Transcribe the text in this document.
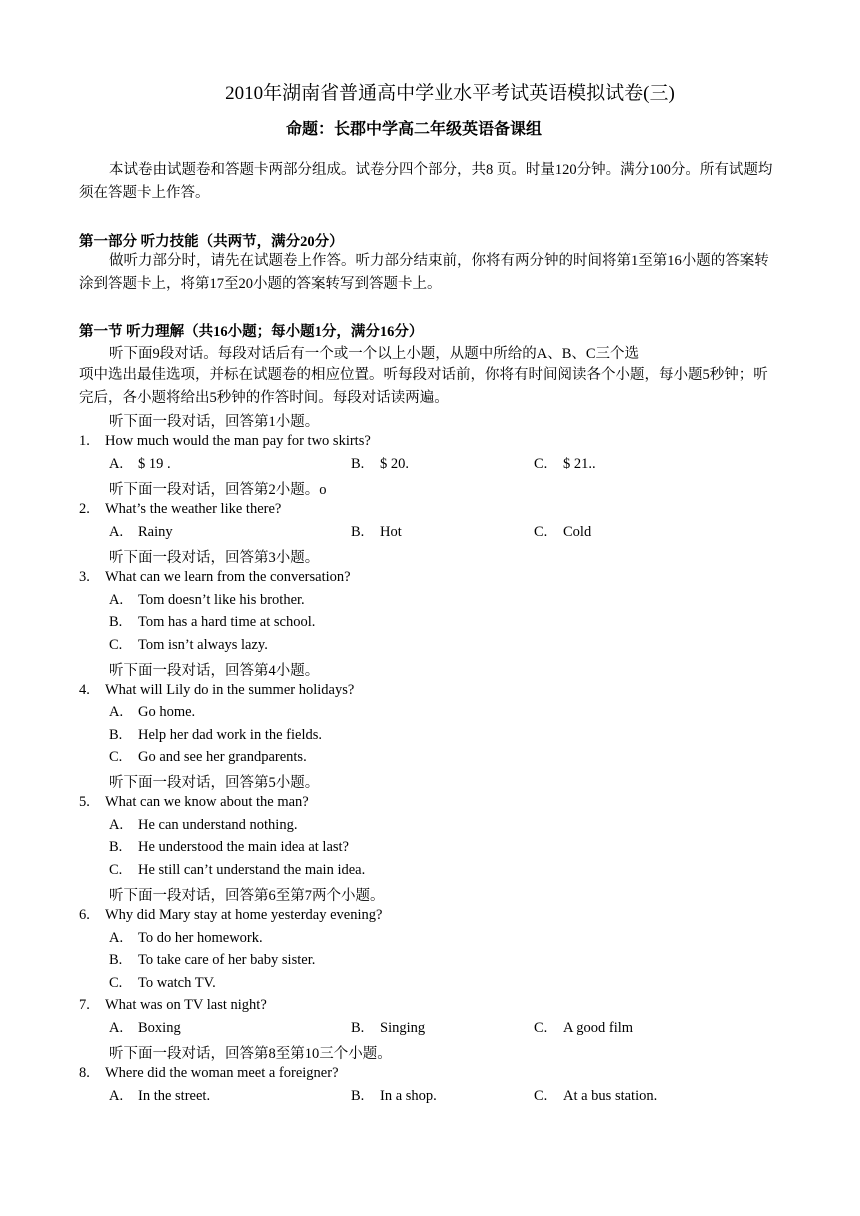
2010年湖南省普通高中学业水平考试英语模拟试卷(三)
命题：长郡中学高二年级英语备课组

本试卷由试题卷和答题卡两部分组成。试卷分四个部分，共8 页。时量120分钟。满分100分。所有试题均须在答题卡上作答。

第一部分 听力技能（共两节，满分20分）

做听力部分时，请先在试题卷上作答。听力部分结束前，你将有两分钟的时间将第1至第16小题的答案转涂到答题卡上，将第17至20小题的答案转写到答题卡上。

第一节 听力理解（共16小题；每小题1分，满分16分）
听下面9段对话。每段对话后有一个或一个以上小题，从题中所给的A、B、C三个选

项中选出最佳选项，并标在试题卷的相应位置。听每段对话前，你将有时间阅读各个小题，每小题5秒钟；听完后，各小题将给出5秒钟的作答时间。每段对话读两遍。

听下面一段对话，回答第1小题。
1. How much would the man pay for two skirts?
A. $ 19 .	B. $ 20.	C. $ 21..
听下面一段对话，回答第2小题。o
2. What’s the weather like there?
A. Rainy	B. Hot	C. Cold
听下面一段对话，回答第3小题。
3. What can we learn from the conversation?
A. Tom doesn’t like his brother.
B. Tom has a hard time at school.
C. Tom isn’t always lazy.
听下面一段对话，回答第4小题。
4. What will Lily do in the summer holidays?
A. Go home.
B. Help her dad work in the fields.
C. Go and see her grandparents.
听下面一段对话，回答第5小题。
5. What can we know about the man?
A. He can understand nothing.
B. He understood the main idea at last?
C. He still can’t understand the main idea.
听下面一段对话，回答第6至第7两个小题。
6. Why did Mary stay at home yesterday evening?
A. To do her homework.
B. To take care of her baby sister.
C. To watch TV.
7. What was on TV last night?
A. Boxing	B. Singing	C. A good film
听下面一段对话，回答第8至第10三个小题。
8. Where did the woman meet a foreigner?
A. In the street.	B. In a shop.	C. At a bus station.
